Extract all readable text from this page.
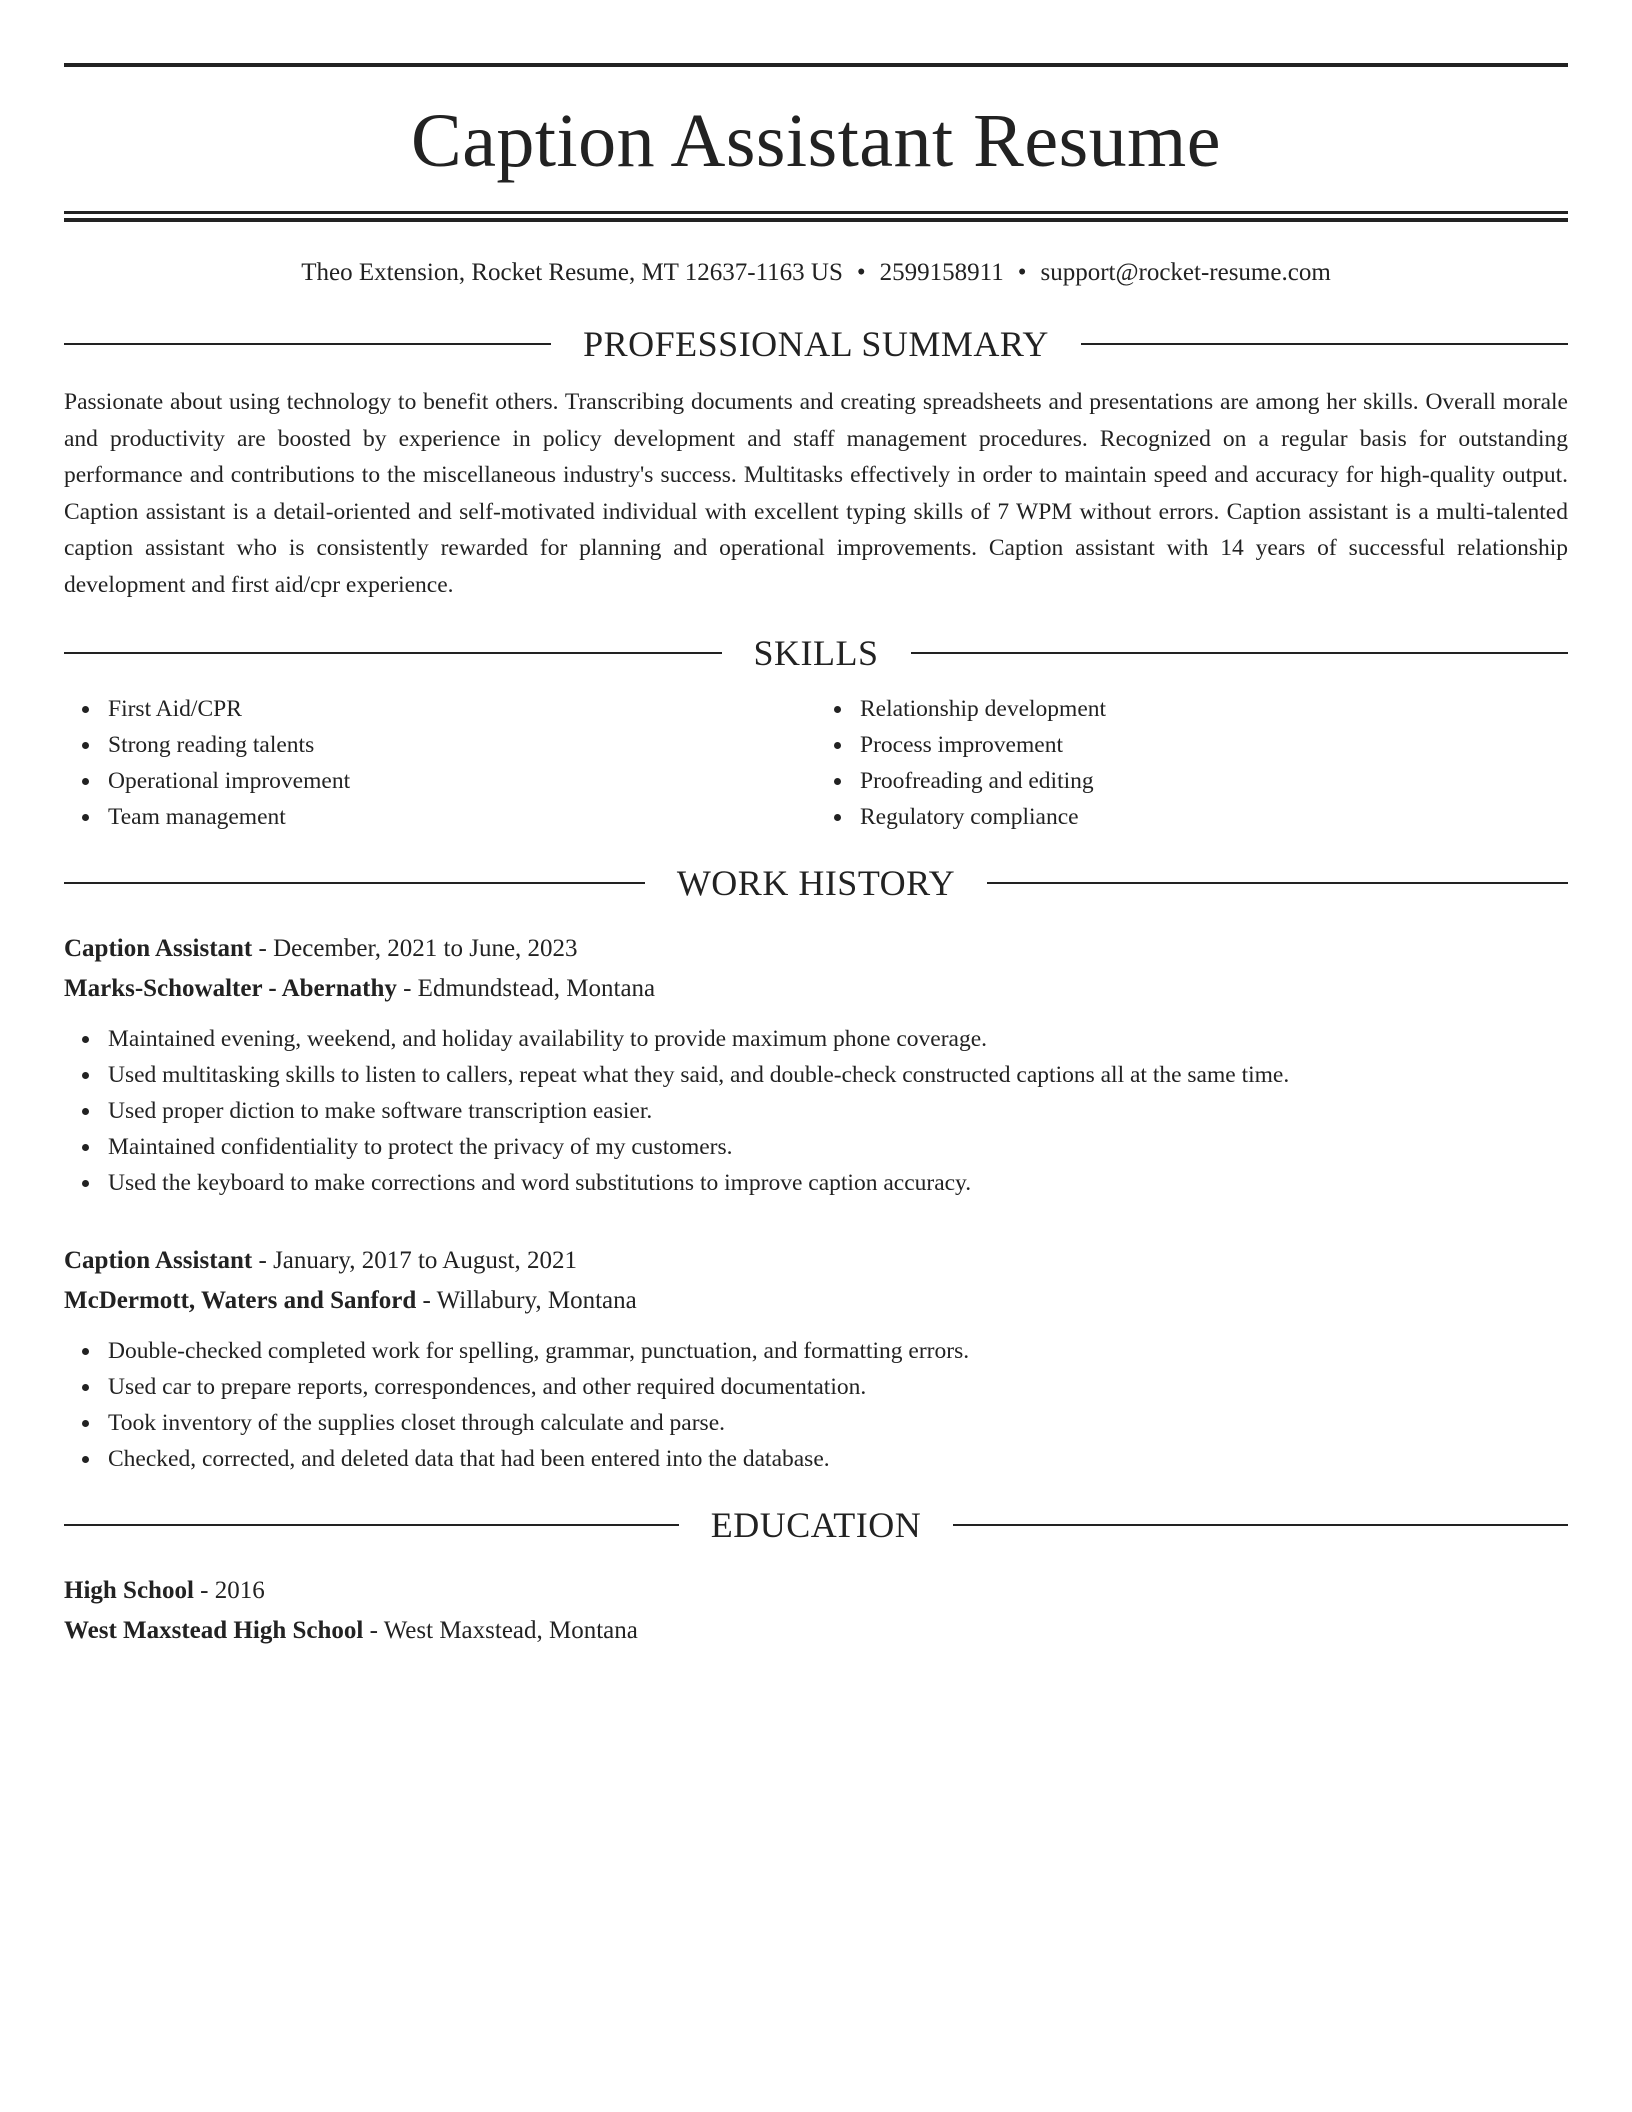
Caption Assistant Resume
Theo Extension, Rocket Resume, MT 12637-1163 US • 2599158911 • support@rocket-resume.com
PROFESSIONAL SUMMARY
Passionate about using technology to benefit others. Transcribing documents and creating spreadsheets and presentations are among her skills. Overall morale and productivity are boosted by experience in policy development and staff management procedures. Recognized on a regular basis for outstanding performance and contributions to the miscellaneous industry's success. Multitasks effectively in order to maintain speed and accuracy for high-quality output. Caption assistant is a detail-oriented and self-motivated individual with excellent typing skills of 7 WPM without errors. Caption assistant is a multi-talented caption assistant who is consistently rewarded for planning and operational improvements. Caption assistant with 14 years of successful relationship development and first aid/cpr experience.
SKILLS
First Aid/CPR
Strong reading talents
Operational improvement
Team management
Relationship development
Process improvement
Proofreading and editing
Regulatory compliance
WORK HISTORY
Caption Assistant - December, 2021 to June, 2023
Marks-Schowalter - Abernathy - Edmundstead, Montana
Maintained evening, weekend, and holiday availability to provide maximum phone coverage.
Used multitasking skills to listen to callers, repeat what they said, and double-check constructed captions all at the same time.
Used proper diction to make software transcription easier.
Maintained confidentiality to protect the privacy of my customers.
Used the keyboard to make corrections and word substitutions to improve caption accuracy.
Caption Assistant - January, 2017 to August, 2021
McDermott, Waters and Sanford - Willabury, Montana
Double-checked completed work for spelling, grammar, punctuation, and formatting errors.
Used car to prepare reports, correspondences, and other required documentation.
Took inventory of the supplies closet through calculate and parse.
Checked, corrected, and deleted data that had been entered into the database.
EDUCATION
High School - 2016
West Maxstead High School - West Maxstead, Montana
